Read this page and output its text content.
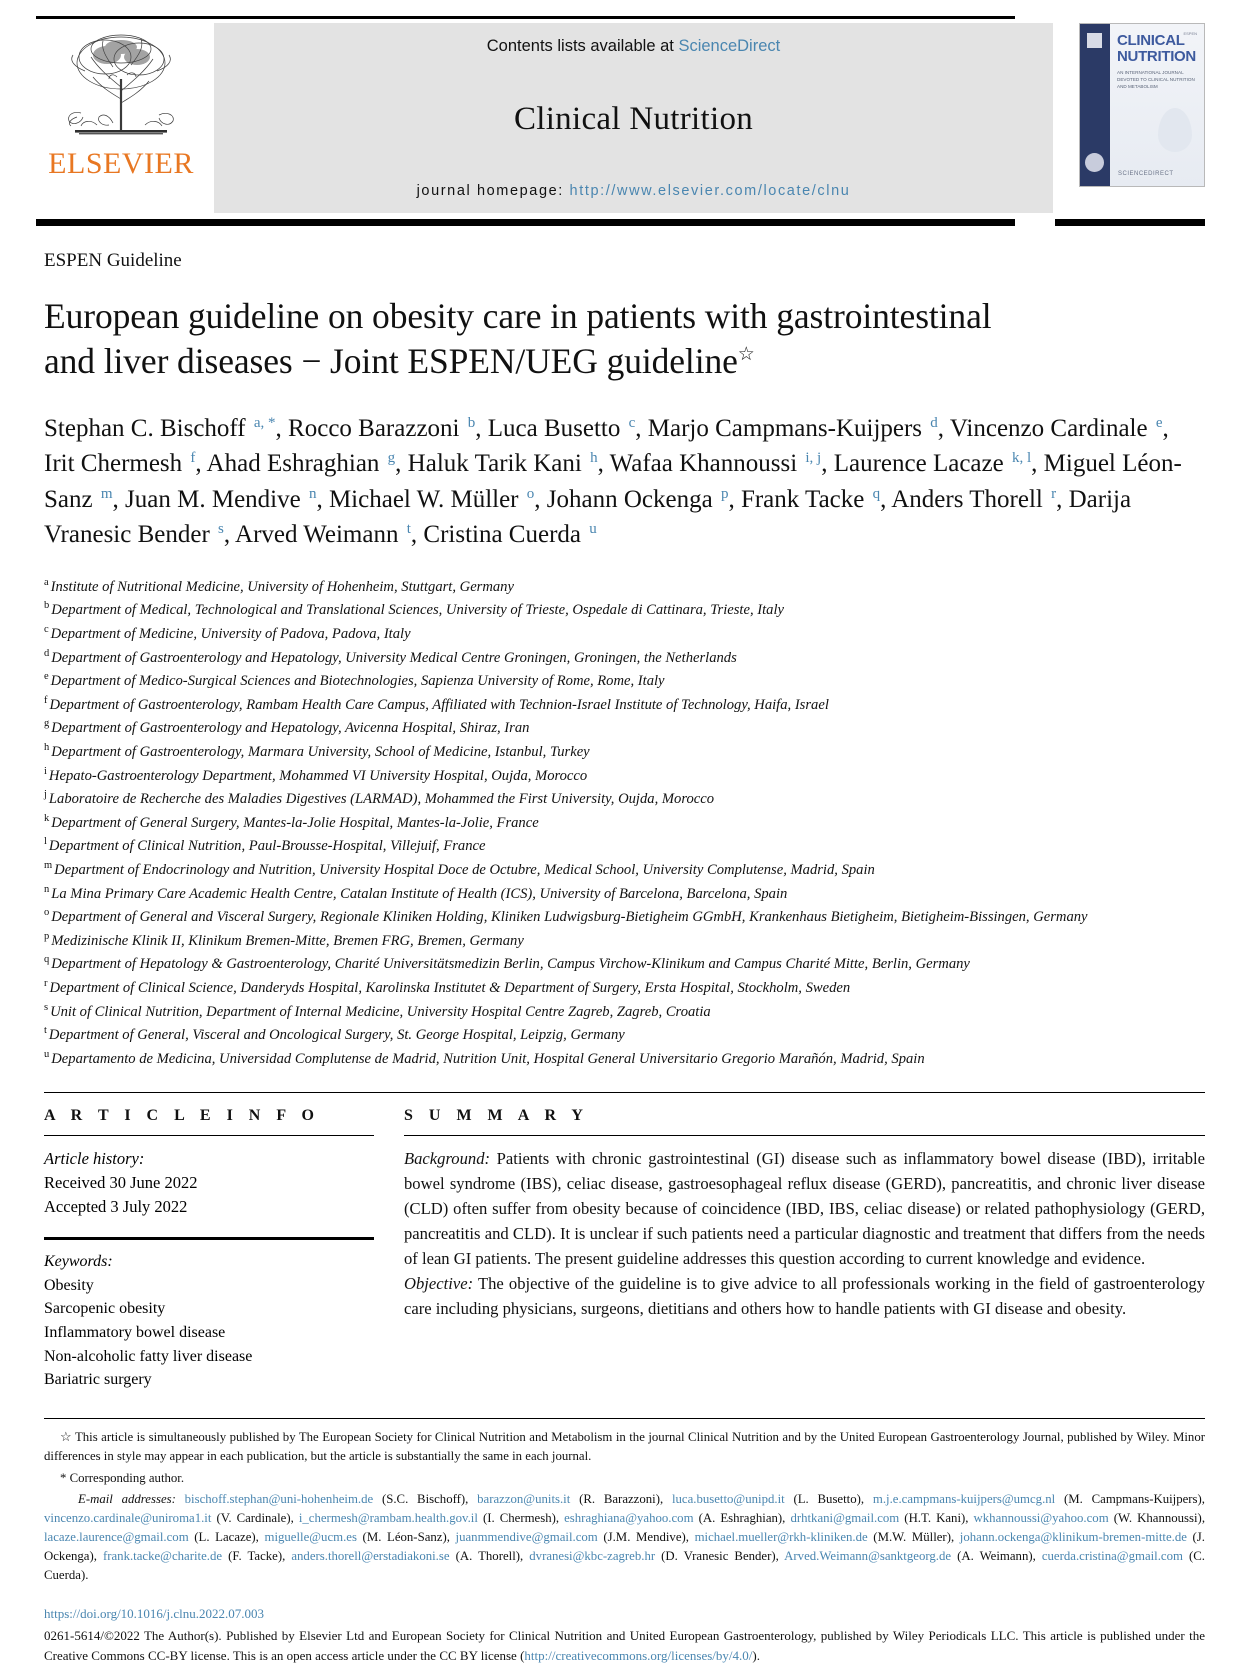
ELSEVIER
Contents lists available at ScienceDirect
Clinical Nutrition
journal homepage: http://www.elsevier.com/locate/clnu
ESPEN
CLINICAL
NUTRITION
AN INTERNATIONAL JOURNAL DEVOTED TO CLINICAL NUTRITION AND METABOLISM
SCIENCEDIRECT
ESPEN Guideline
European guideline on obesity care in patients with gastrointestinal
and liver diseases − Joint ESPEN/UEG guideline☆
Stephan C. Bischoff $^{a, *}$, Rocco Barazzoni $^b$, Luca Busetto $^c$, Marjo Campmans-Kuijpers $^d$, Vincenzo Cardinale $^e$, Irit Chermesh $^f$, Ahad Eshraghian $^g$, Haluk Tarik Kani $^h$, Wafaa Khannoussi $^{i, j}$, Laurence Lacaze $^{k, l}$, Miguel Léon-Sanz $^m$, Juan M. Mendive $^n$, Michael W. Müller $^o$, Johann Ockenga $^p$, Frank Tacke $^q$, Anders Thorell $^r$, Darija Vranesic Bender $^s$, Arved Weimann $^t$, Cristina Cuerda $^u$

$^a$ Institute of Nutritional Medicine, University of Hohenheim, Stuttgart, Germany

$^b$ Department of Medical, Technological and Translational Sciences, University of Trieste, Ospedale di Cattinara, Trieste, Italy

$^c$ Department of Medicine, University of Padova, Padova, Italy

$^d$ Department of Gastroenterology and Hepatology, University Medical Centre Groningen, Groningen, the Netherlands

$^e$ Department of Medico-Surgical Sciences and Biotechnologies, Sapienza University of Rome, Rome, Italy

$^f$ Department of Gastroenterology, Rambam Health Care Campus, Affiliated with Technion-Israel Institute of Technology, Haifa, Israel

$^g$ Department of Gastroenterology and Hepatology, Avicenna Hospital, Shiraz, Iran

$^h$ Department of Gastroenterology, Marmara University, School of Medicine, Istanbul, Turkey

$^i$ Hepato-Gastroenterology Department, Mohammed VI University Hospital, Oujda, Morocco

$^j$ Laboratoire de Recherche des Maladies Digestives (LARMAD), Mohammed the First University, Oujda, Morocco

$^k$ Department of General Surgery, Mantes-la-Jolie Hospital, Mantes-la-Jolie, France

$^l$ Department of Clinical Nutrition, Paul-Brousse-Hospital, Villejuif, France

$^m$ Department of Endocrinology and Nutrition, University Hospital Doce de Octubre, Medical School, University Complutense, Madrid, Spain

$^n$ La Mina Primary Care Academic Health Centre, Catalan Institute of Health (ICS), University of Barcelona, Barcelona, Spain

$^o$ Department of General and Visceral Surgery, Regionale Kliniken Holding, Kliniken Ludwigsburg-Bietigheim GGmbH, Krankenhaus Bietigheim, Bietigheim-Bissingen, Germany

$^p$ Medizinische Klinik II, Klinikum Bremen-Mitte, Bremen FRG, Bremen, Germany

$^q$ Department of Hepatology & Gastroenterology, Charité Universitätsmedizin Berlin, Campus Virchow-Klinikum and Campus Charité Mitte, Berlin, Germany

$^r$ Department of Clinical Science, Danderyds Hospital, Karolinska Institutet & Department of Surgery, Ersta Hospital, Stockholm, Sweden

$^s$ Unit of Clinical Nutrition, Department of Internal Medicine, University Hospital Centre Zagreb, Zagreb, Croatia

$^t$ Department of General, Visceral and Oncological Surgery, St. George Hospital, Leipzig, Germany

$^u$ Departamento de Medicina, Universidad Complutense de Madrid, Nutrition Unit, Hospital General Universitario Gregorio Marañón, Madrid, Spain

A R T I C L E I N F O
Article history:
Received 30 June 2022
Accepted 3 July 2022
Keywords:
Obesity
Sarcopenic obesity
Inflammatory bowel disease
Non-alcoholic fatty liver disease
Bariatric surgery
S U M M A R Y

Background: Patients with chronic gastrointestinal (GI) disease such as inflammatory bowel disease (IBD), irritable bowel syndrome (IBS), celiac disease, gastroesophageal reflux disease (GERD), pancreatitis, and chronic liver disease (CLD) often suffer from obesity because of coincidence (IBD, IBS, celiac disease) or related pathophysiology (GERD, pancreatitis and CLD). It is unclear if such patients need a particular diagnostic and treatment that differs from the needs of lean GI patients. The present guideline addresses this question according to current knowledge and evidence.

Objective: The objective of the guideline is to give advice to all professionals working in the field of gastroenterology care including physicians, surgeons, dietitians and others how to handle patients with GI disease and obesity.

☆ This article is simultaneously published by The European Society for Clinical Nutrition and Metabolism in the journal Clinical Nutrition and by the United European Gastroenterology Journal, published by Wiley. Minor differences in style may appear in each publication, but the article is substantially the same in each journal.

* Corresponding author.

E-mail addresses: bischoff.stephan@uni-hohenheim.de (S.C. Bischoff), barazzon@units.it (R. Barazzoni), luca.busetto@unipd.it (L. Busetto), m.j.e.campmans-kuijpers@umcg.nl (M. Campmans-Kuijpers), vincenzo.cardinale@uniroma1.it (V. Cardinale), i_chermesh@rambam.health.gov.il (I. Chermesh), eshraghiana@yahoo.com (A. Eshraghian), drhtkani@gmail.com (H.T. Kani), wkhannoussi@yahoo.com (W. Khannoussi), lacaze.laurence@gmail.com (L. Lacaze), miguelle@ucm.es (M. Léon-Sanz), juanmmendive@gmail.com (J.M. Mendive), michael.mueller@rkh-kliniken.de (M.W. Müller), johann.ockenga@klinikum-bremen-mitte.de (J. Ockenga), frank.tacke@charite.de (F. Tacke), anders.thorell@erstadiakoni.se (A. Thorell), dvranesi@kbc-zagreb.hr (D. Vranesic Bender), Arved.Weimann@sanktgeorg.de (A. Weimann), cuerda.cristina@gmail.com (C. Cuerda).

https://doi.org/10.1016/j.clnu.2022.07.003
0261-5614/©2022 The Author(s). Published by Elsevier Ltd and European Society for Clinical Nutrition and United European Gastroenterology, published by Wiley Periodicals LLC. This article is published under the Creative Commons CC-BY license. This is an open access article under the CC BY license (http://creativecommons.org/licenses/by/4.0/).
